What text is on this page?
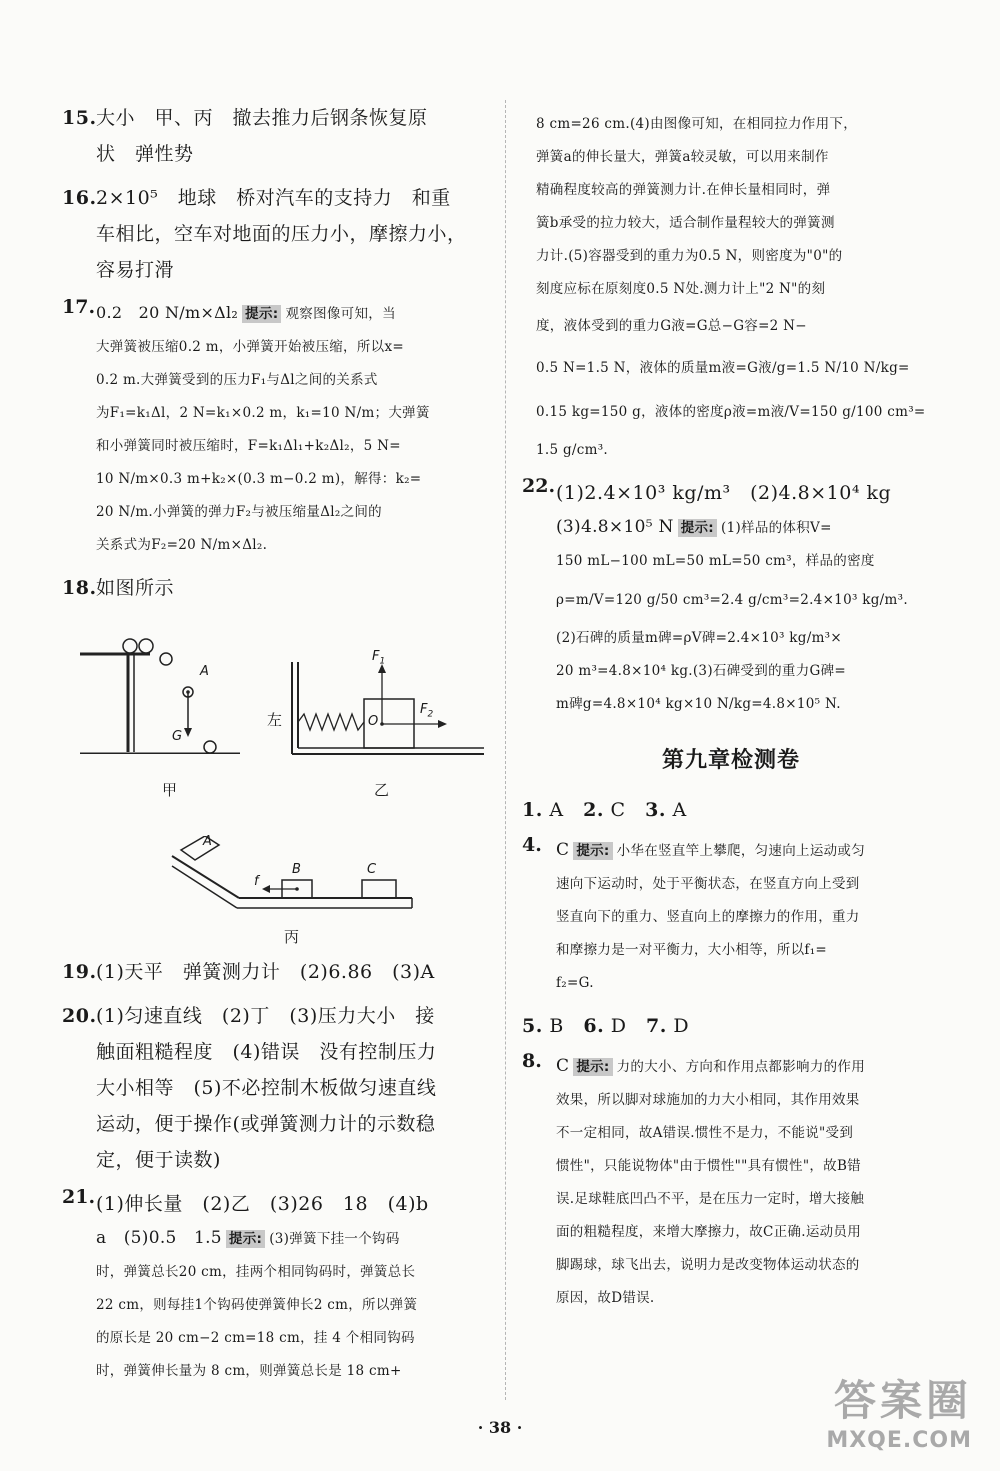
15. 大小　甲、丙　撤去推力后钢条恢复原
状　弹性势
16. 2×10⁵　地球　桥对汽车的支持力　和重
车相比，空车对地面的压力小，摩擦力小，
容易打滑
17. 0.2　20 N/m×Δl₂ 提示: 观察图像可知，当
大弹簧被压缩0.2 m，小弹簧开始被压缩，所以x=
0.2 m.大弹簧受到的压力F₁与Δl之间的关系式
为F₁=k₁Δl，2 N=k₁×0.2 m，k₁=10 N/m；大弹簧
和小弹簧同时被压缩时，F=k₁Δl₁+k₂Δl₂，5 N=
10 N/m×0.3 m+k₂×(0.3 m−0.2 m)，解得：k₂=
20 N/m.小弹簧的弹力F₂与被压缩量Δl₂之间的
关系式为F₂=20 N/m×Δl₂.
18. 如图所示
A
G
甲
左
$F_1$
O
$F_2$
乙
A
B	C
f
丙
19. (1)天平　弹簧测力计　(2)6.86　(3)A
20. (1)匀速直线　(2)丁　(3)压力大小　接
触面粗糙程度　(4)错误　没有控制压力
大小相等　(5)不必控制木板做匀速直线
运动，便于操作(或弹簧测力计的示数稳
定，便于读数)
21. (1)伸长量　(2)乙　(3)26　18　(4)b
a　(5)0.5　1.5 提示: (3)弹簧下挂一个钩码
时，弹簧总长20 cm，挂两个相同钩码时，弹簧总长
22 cm，则每挂1个钩码使弹簧伸长2 cm，所以弹簧
的原长是 20 cm−2 cm=18 cm，挂 4 个相同钩码
时，弹簧伸长量为 8 cm，则弹簧总长是 18 cm+
8 cm=26 cm.(4)由图像可知，在相同拉力作用下，
弹簧a的伸长量大，弹簧a较灵敏，可以用来制作
精确程度较高的弹簧测力计.在伸长量相同时，弹
簧b承受的拉力较大，适合制作量程较大的弹簧测
力计.(5)容器受到的重力为0.5 N，则密度为"0"的
刻度应标在原刻度0.5 N处.测力计上"2 N"的刻
度，液体受到的重力G液=G总−G容=2 N−
0.5 N=1.5 N，液体的质量m液=G液/g=1.5 N/10 N/kg=
0.15 kg=150 g，液体的密度ρ液=m液/V=150 g/100 cm³=
1.5 g/cm³.
22. (1)2.4×10³ kg/m³　(2)4.8×10⁴ kg
(3)4.8×10⁵ N 提示: (1)样品的体积V=
150 mL−100 mL=50 mL=50 cm³，样品的密度
ρ=m/V=120 g/50 cm³=2.4 g/cm³=2.4×10³ kg/m³.
(2)石碑的质量m碑=ρV碑=2.4×10³ kg/m³×
20 m³=4.8×10⁴ kg.(3)石碑受到的重力G碑=
m碑g=4.8×10⁴ kg×10 N/kg=4.8×10⁵ N.
第九章检测卷
1. A　 2. C　 3. A
4. C 提示: 小华在竖直竿上攀爬，匀速向上运动或匀
速向下运动时，处于平衡状态，在竖直方向上受到
竖直向下的重力、竖直向上的摩擦力的作用，重力
和摩擦力是一对平衡力，大小相等，所以f₁=
f₂=G.
5. B　 6. D　 7. D
8. C 提示: 力的大小、方向和作用点都影响力的作用
效果，所以脚对球施加的力大小相同，其作用效果
不一定相同，故A错误.惯性不是力，不能说"受到
惯性"，只能说物体"由于惯性""具有惯性"，故B错
误.足球鞋底凹凸不平，是在压力一定时，增大接触
面的粗糙程度，来增大摩擦力，故C正确.运动员用
脚踢球，球飞出去，说明力是改变物体运动状态的
原因，故D错误.
· 38 ·
答案圈
MXQE.COM
